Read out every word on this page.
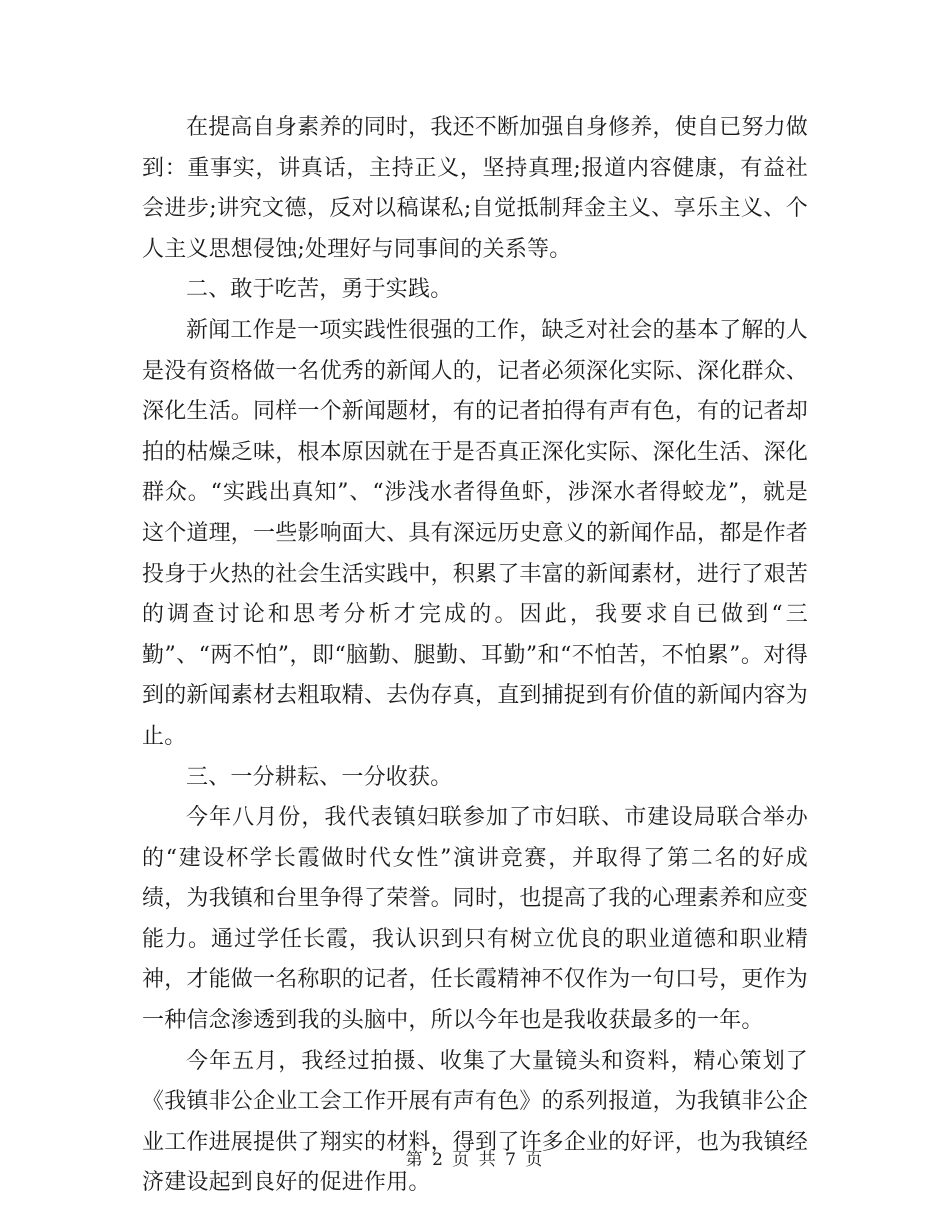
在提高自身素养的同时，我还不断加强自身修养，使自已努力做到：重事实，讲真话，主持正义，坚持真理;报道内容健康，有益社会进步;讲究文德，反对以稿谋私;自觉抵制拜金主义、享乐主义、个人主义思想侵蚀;处理好与同事间的关系等。

二、敢于吃苦，勇于实践。

新闻工作是一项实践性很强的工作，缺乏对社会的基本了解的人是没有资格做一名优秀的新闻人的，记者必须深化实际、深化群众、深化生活。同样一个新闻题材，有的记者拍得有声有色，有的记者却拍的枯燥乏味，根本原因就在于是否真正深化实际、深化生活、深化群众。“实践出真知”、“涉浅水者得鱼虾，涉深水者得蛟龙”，就是这个道理，一些影响面大、具有深远历史意义的新闻作品，都是作者投身于火热的社会生活实践中，积累了丰富的新闻素材，进行了艰苦的调查讨论和思考分析才完成的。因此，我要求自已做到“三勤”、“两不怕”，即“脑勤、腿勤、耳勤”和“不怕苦，不怕累”。对得到的新闻素材去粗取精、去伪存真，直到捕捉到有价值的新闻内容为止。

三、一分耕耘、一分收获。

今年八月份，我代表镇妇联参加了市妇联、市建设局联合举办的“建设杯学长霞做时代女性”演讲竞赛，并取得了第二名的好成绩，为我镇和台里争得了荣誉。同时，也提高了我的心理素养和应变能力。通过学任长霞，我认识到只有树立优良的职业道德和职业精神，才能做一名称职的记者，任长霞精神不仅作为一句口号，更作为一种信念渗透到我的头脑中，所以今年也是我收获最多的一年。

今年五月，我经过拍摄、收集了大量镜头和资料，精心策划了《我镇非公企业工会工作开展有声有色》的系列报道，为我镇非公企业工作进展提供了翔实的材料，得到了许多企业的好评，也为我镇经济建设起到良好的促进作用。

第 2 页 共 7 页
